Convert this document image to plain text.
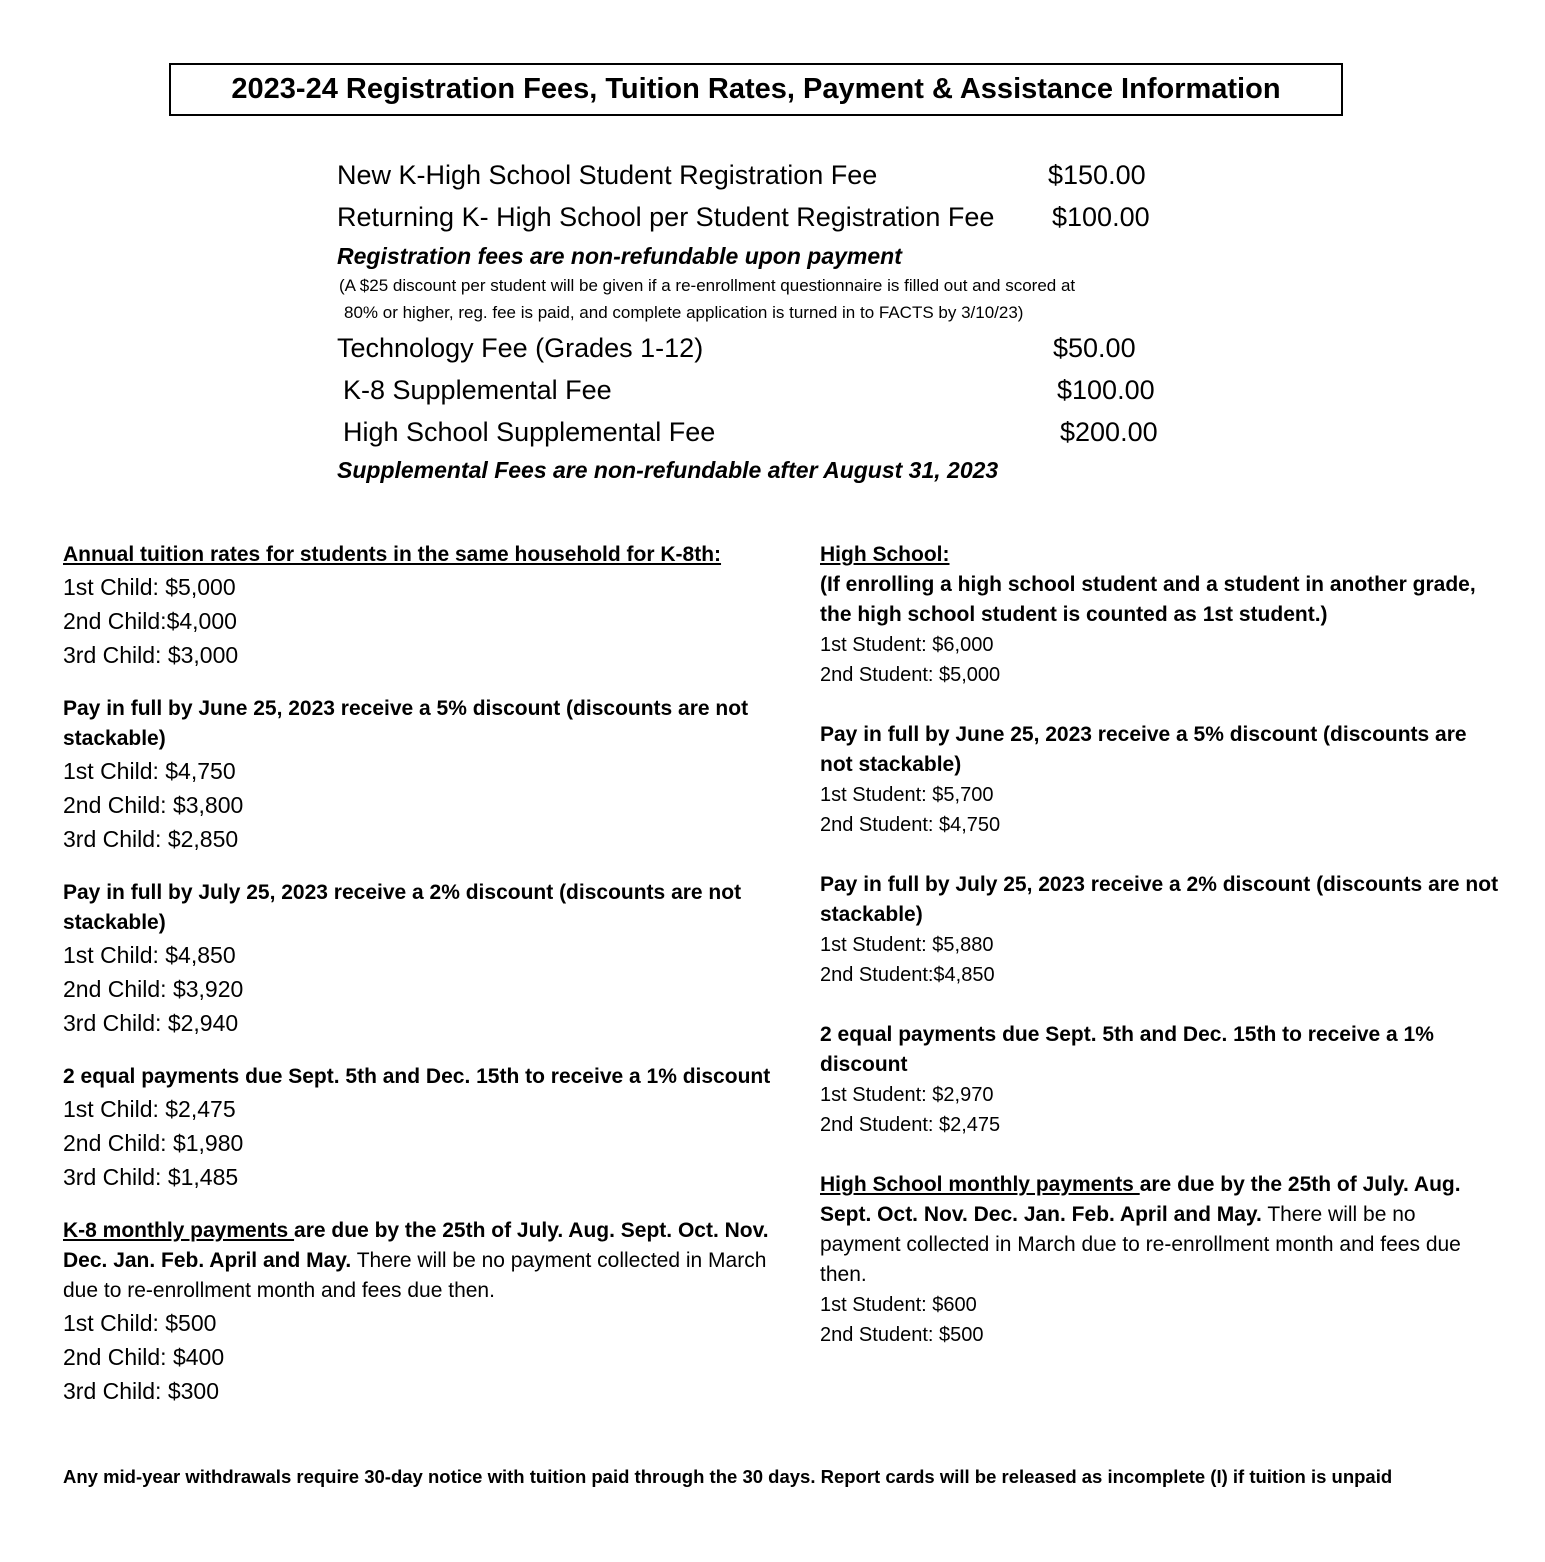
2023-24 Registration Fees, Tuition Rates, Payment & Assistance Information
New K-High School Student Registration Fee	$150.00
Returning K- High School per Student Registration Fee $100.00
Registration fees are non-refundable upon payment
(A $25 discount per student will be given if a re-enrollment questionnaire is filled out and scored at
80% or higher, reg. fee is paid, and complete application is turned in to FACTS by 3/10/23)
Technology Fee (Grades 1-12)	$50.00
K-8 Supplemental Fee	$100.00
High School Supplemental Fee	$200.00
Supplemental Fees are non-refundable after August 31, 2023
Annual tuition rates for students in the same household for K-8th:
1st Child: $5,000
2nd Child:$4,000
3rd Child: $3,000
Pay in full by June 25, 2023 receive a 5% discount (discounts are not stackable)
1st Child: $4,750
2nd Child: $3,800
3rd Child: $2,850
Pay in full by July 25, 2023 receive a 2% discount (discounts are not stackable)
1st Child: $4,850
2nd Child: $3,920
3rd Child: $2,940
2 equal payments due Sept. 5th and Dec. 15th to receive a 1% discount
1st Child: $2,475
2nd Child: $1,980
3rd Child: $1,485
K-8 monthly payments are due by the 25th of July. Aug. Sept. Oct. Nov. Dec. Jan. Feb. April and May. There will be no payment collected in March due to re-enrollment month and fees due then.
1st Child: $500
2nd Child: $400
3rd Child: $300
High School:
(If enrolling a high school student and a student in another grade, the high school student is counted as 1st student.)
1st Student: $6,000
2nd Student: $5,000
Pay in full by June 25, 2023 receive a 5% discount (discounts are not stackable)
1st Student: $5,700
2nd Student: $4,750
Pay in full by July 25, 2023 receive a 2% discount (discounts are not stackable)
1st Student: $5,880
2nd Student:$4,850
2 equal payments due Sept. 5th and Dec. 15th to receive a 1% discount
1st Student: $2,970
2nd Student: $2,475
High School monthly payments are due by the 25th of July. Aug. Sept. Oct. Nov. Dec. Jan. Feb. April and May. There will be no payment collected in March due to re-enrollment month and fees due then.
1st Student: $600
2nd Student: $500
Any mid-year withdrawals require 30-day notice with tuition paid through the 30 days. Report cards will be released as incomplete (I) if tuition is unpaid
